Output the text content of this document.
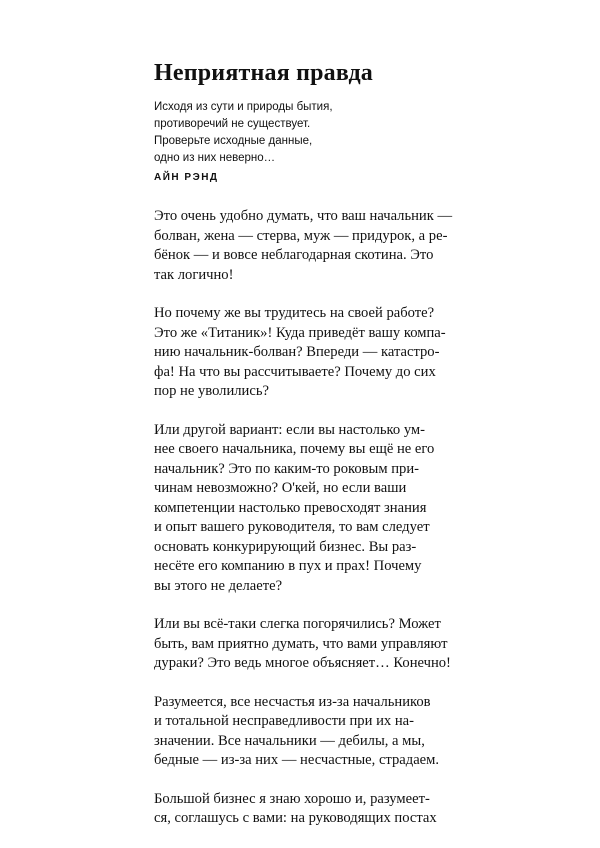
Неприятная правда
Исходя из сути и природы бытия,
противоречий не существует.
Проверьте исходные данные,
одно из них неверно…
АЙН РЭНД

Это очень удобно думать, что ваш начальник —
болван, жена — стерва, муж — придурок, а ре-
бёнок — и вовсе неблагодарная скотина. Это
так логично!

Но почему же вы трудитесь на своей работе?
Это же «Титаник»! Куда приведёт вашу компа-
нию начальник-болван? Впереди — катастро-
фа! На что вы рассчитываете? Почему до сих
пор не уволились?

Или другой вариант: если вы настолько ум-
нее своего начальника, почему вы ещё не его
начальник? Это по каким-то роковым при-
чинам невозможно? О'кей, но если ваши
компетенции настолько превосходят знания
и опыт вашего руководителя, то вам следует
основать конкурирующий бизнес. Вы раз-
несёте его компанию в пух и прах! Почему
вы этого не делаете?

Или вы всё-таки слегка погорячились? Может
быть, вам приятно думать, что вами управляют
дураки? Это ведь многое объясняет… Конечно!

Разумеется, все несчастья из-за начальников
и тотальной несправедливости при их на-
значении. Все начальники — дебилы, а мы,
бедные — из-за них — несчастные, страдаем.

Большой бизнес я знаю хорошо и, разумеет-
ся, соглашусь с вами: на руководящих постах
